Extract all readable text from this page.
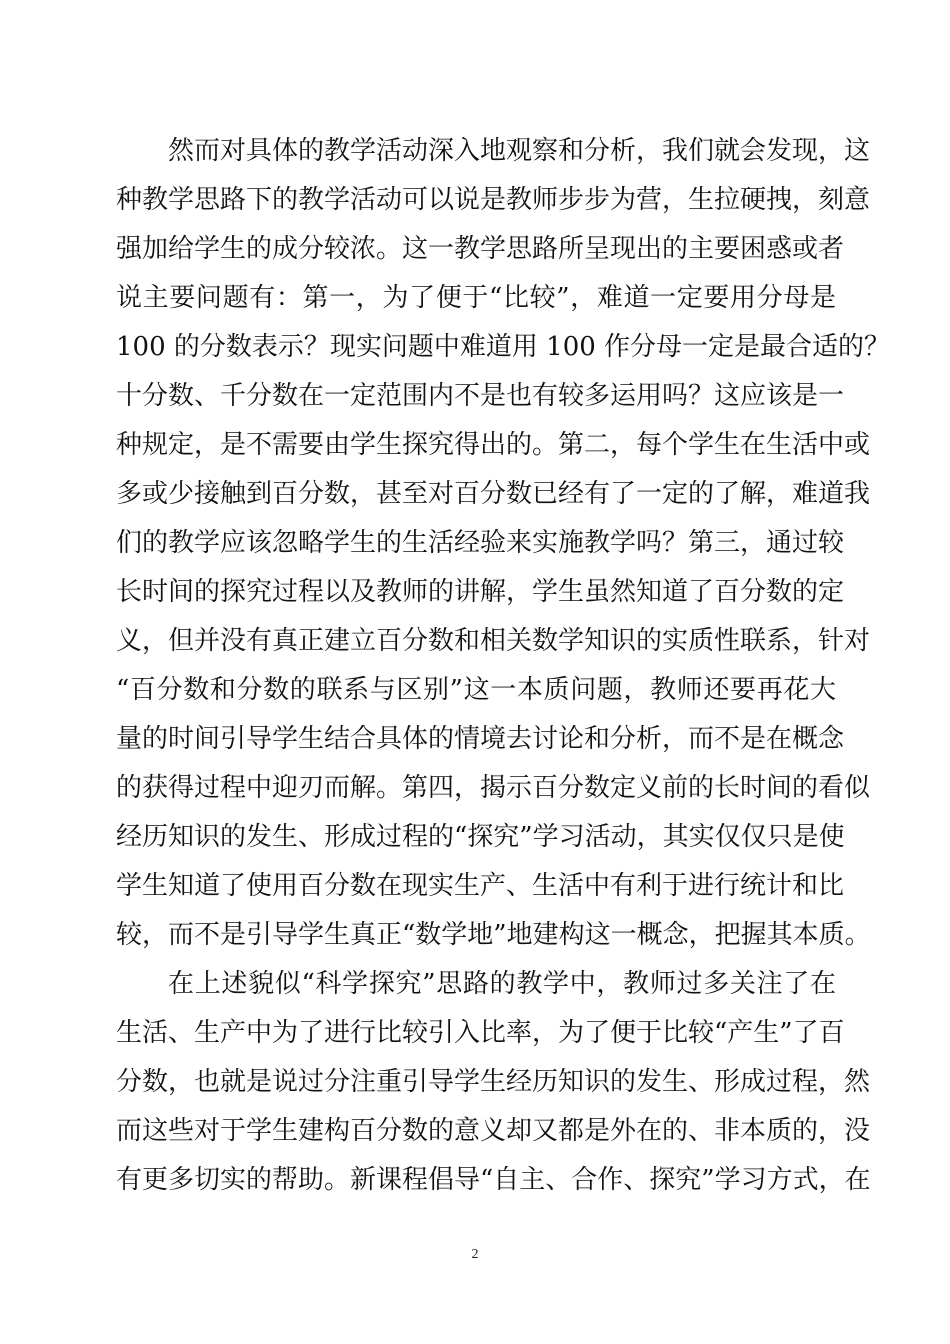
然而对具体的教学活动深入地观察和分析，我们就会发现，这
种教学思路下的教学活动可以说是教师步步为营，生拉硬拽，刻意
强加给学生的成分较浓。这一教学思路所呈现出的主要困惑或者
说主要问题有：第一，为了便于“比较”，难道一定要用分母是
100 的分数表示？现实问题中难道用 100 作分母一定是最合适的？
十分数、千分数在一定范围内不是也有较多运用吗？这应该是一
种规定，是不需要由学生探究得出的。第二，每个学生在生活中或
多或少接触到百分数，甚至对百分数已经有了一定的了解，难道我
们的教学应该忽略学生的生活经验来实施教学吗？第三，通过较
长时间的探究过程以及教师的讲解，学生虽然知道了百分数的定
义，但并没有真正建立百分数和相关数学知识的实质性联系，针对
“百分数和分数的联系与区别”这一本质问题，教师还要再花大
量的时间引导学生结合具体的情境去讨论和分析，而不是在概念
的获得过程中迎刃而解。第四，揭示百分数定义前的长时间的看似
经历知识的发生、形成过程的“探究”学习活动，其实仅仅只是使
学生知道了使用百分数在现实生产、生活中有利于进行统计和比
较，而不是引导学生真正“数学地”地建构这一概念，把握其本质。
在上述貌似“科学探究”思路的教学中，教师过多关注了在
生活、生产中为了进行比较引入比率，为了便于比较“产生”了百
分数，也就是说过分注重引导学生经历知识的发生、形成过程，然
而这些对于学生建构百分数的意义却又都是外在的、非本质的，没
有更多切实的帮助。新课程倡导“自主、合作、探究”学习方式，在
2
